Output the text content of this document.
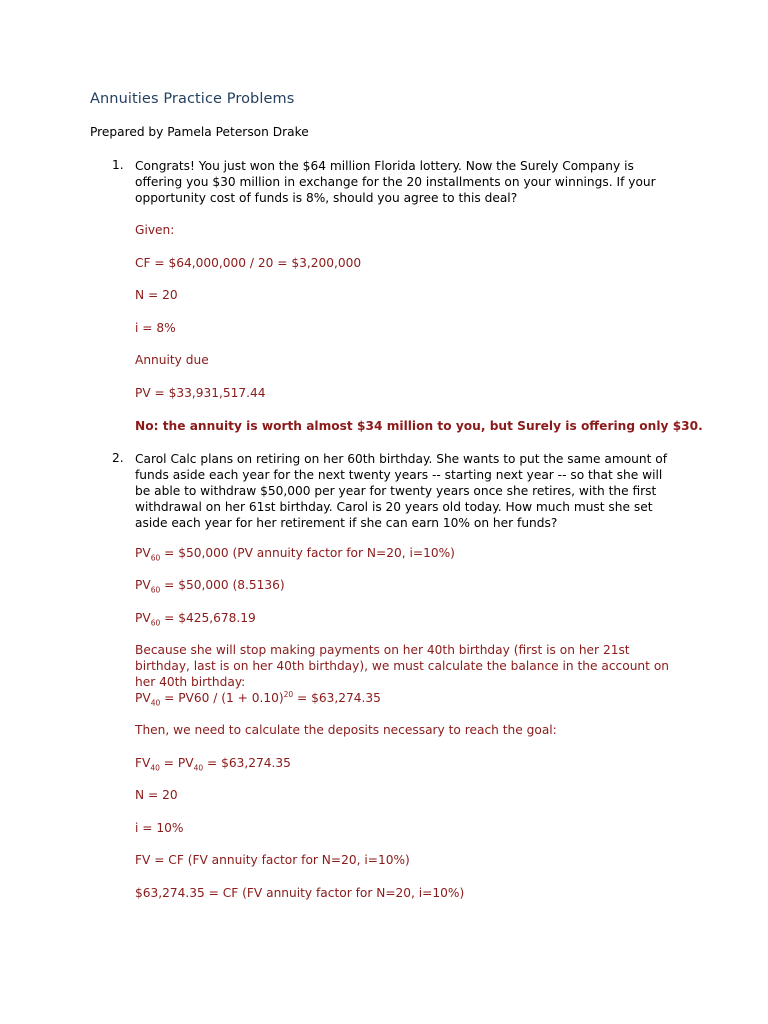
Annuities Practice Problems
Prepared by Pamela Peterson Drake
1. Congrats! You just won the $64 million Florida lottery. Now the Surely Company is offering you $30 million in exchange for the 20 installments on your winnings. If your opportunity cost of funds is 8%, should you agree to this deal?
Given:
CF = $64,000,000 / 20 = $3,200,000
N = 20
i = 8%
Annuity due
PV = $33,931,517.44
No: the annuity is worth almost $34 million to you, but Surely is offering only $30.
2. Carol Calc plans on retiring on her 60th birthday. She wants to put the same amount of funds aside each year for the next twenty years -- starting next year -- so that she will be able to withdraw $50,000 per year for twenty years once she retires, with the first withdrawal on her 61st birthday. Carol is 20 years old today. How much must she set aside each year for her retirement if she can earn 10% on her funds?
$PV_{60}$ = $50,000 (PV annuity factor for N=20, i=10%)
$PV_{60}$ = $50,000 (8.5136)
$PV_{60}$ = $425,678.19
Because she will stop making payments on her 40th birthday (first is on her 21st birthday, last is on her 40th birthday), we must calculate the balance in the account on her 40th birthday:
$PV_{40} = PV60 / (1 + 0.10)^{20}$ = $63,274.35
Then, we need to calculate the deposits necessary to reach the goal:
$FV_{40} = PV_{40}$ = $63,274.35
N = 20
i = 10%
FV = CF (FV annuity factor for N=20, i=10%)
$63,274.35 = CF (FV annuity factor for N=20, i=10%)
